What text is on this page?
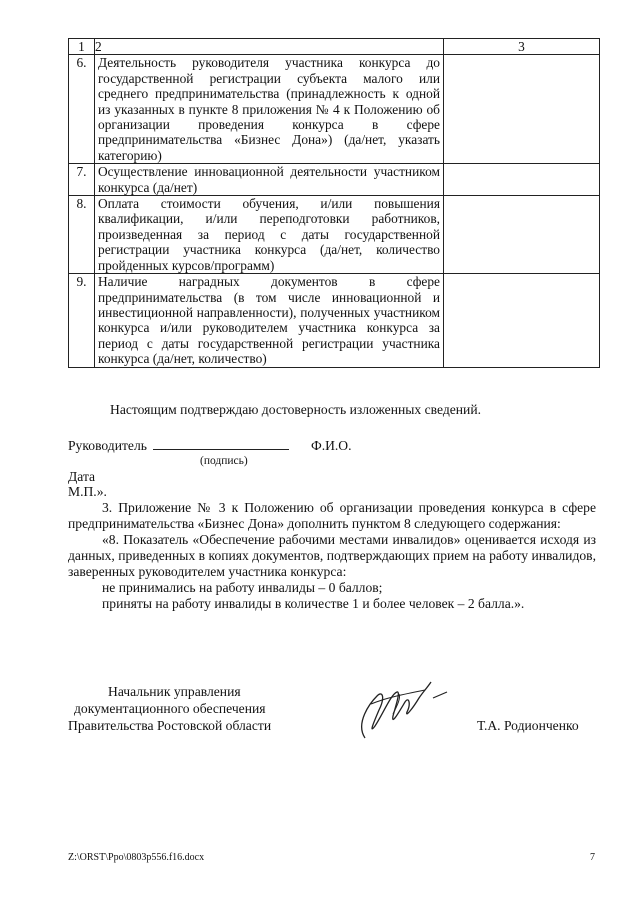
1	2	3
6.	Деятельность руководителя участника конкурса до государственной регистрации субъекта малого или среднего предпринимательства (принадлежность к одной из указанных в пункте 8 приложения № 4 к Положению об организации проведения конкурса в сфере предпринимательства «Бизнес Дона») (да/нет, указать категорию)	
7.	Осуществление инновационной деятельности участником конкурса (да/нет)	
8.	Оплата стоимости обучения, и/или повышения квалификации, и/или переподготовки работников, произведенная за период с даты государственной регистрации участника конкурса (да/нет, количество пройденных курсов/программ)	
9.	Наличие наградных документов в сфере предпринимательства (в том числе инновационной и инвестиционной направленности), полученных участником конкурса и/или руководителем участника конкурса за период с даты государственной регистрации участника конкурса (да/нет, количество)	
Настоящим подтверждаю достоверность изложенных сведений.
Руководитель	Ф.И.О.
(подпись)
Дата
М.П.».

3. Приложение № 3 к Положению об организации проведения конкурса в сфере предпринимательства «Бизнес Дона» дополнить пунктом 8 следующего содержания:

«8. Показатель «Обеспечение рабочими местами инвалидов» оценивается исходя из данных, приведенных в копиях документов, подтверждающих прием на работу инвалидов, заверенных руководителем участника конкурса:

не принимались на работу инвалиды – 0 баллов;

приняты на работу инвалиды в количестве 1 и более человек – 2 балла.».

Начальник управления
документационного обеспечения
Правительства Ростовской области	Т.А. Родионченко
Z:\ORST\Ppo\0803p556.f16.docx	7
